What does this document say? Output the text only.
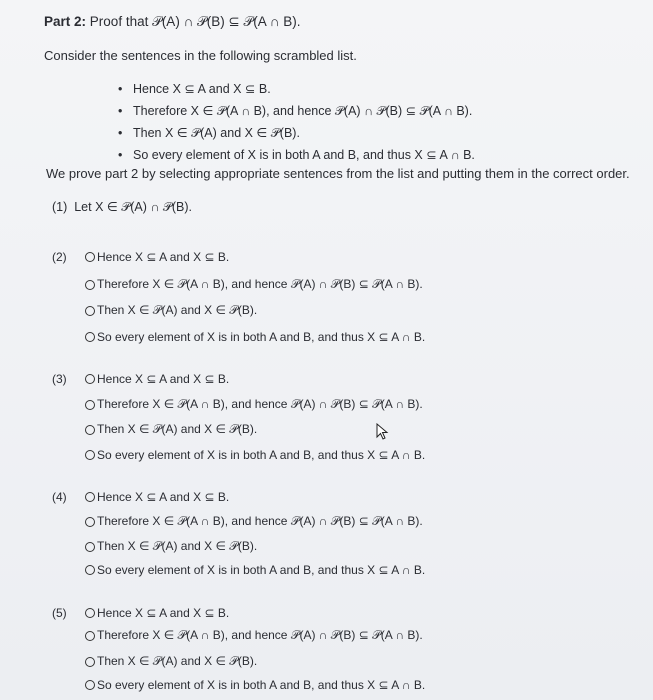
Part 2: Proof that 𝒫(A) ∩ 𝒫(B) ⊆ 𝒫(A ∩ B).
Consider the sentences in the following scrambled list.
• Hence X ⊆ A and X ⊆ B.
• Therefore X ∈ 𝒫(A ∩ B), and hence 𝒫(A) ∩ 𝒫(B) ⊆ 𝒫(A ∩ B).
• Then X ∈ 𝒫(A) and X ∈ 𝒫(B).
• So every element of X is in both A and B, and thus X ⊆ A ∩ B.
We prove part 2 by selecting appropriate sentences from the list and putting them in the correct order.
(1) Let X ∈ 𝒫(A) ∩ 𝒫(B).
(2)	Hence X ⊆ A and X ⊆ B.
Therefore X ∈ 𝒫(A ∩ B), and hence 𝒫(A) ∩ 𝒫(B) ⊆ 𝒫(A ∩ B).
Then X ∈ 𝒫(A) and X ∈ 𝒫(B).
So every element of X is in both A and B, and thus X ⊆ A ∩ B.
(3)	Hence X ⊆ A and X ⊆ B.
Therefore X ∈ 𝒫(A ∩ B), and hence 𝒫(A) ∩ 𝒫(B) ⊆ 𝒫(A ∩ B).
Then X ∈ 𝒫(A) and X ∈ 𝒫(B).
So every element of X is in both A and B, and thus X ⊆ A ∩ B.
(4)	Hence X ⊆ A and X ⊆ B.
Therefore X ∈ 𝒫(A ∩ B), and hence 𝒫(A) ∩ 𝒫(B) ⊆ 𝒫(A ∩ B).
Then X ∈ 𝒫(A) and X ∈ 𝒫(B).
So every element of X is in both A and B, and thus X ⊆ A ∩ B.
(5)	Hence X ⊆ A and X ⊆ B.
Therefore X ∈ 𝒫(A ∩ B), and hence 𝒫(A) ∩ 𝒫(B) ⊆ 𝒫(A ∩ B).
Then X ∈ 𝒫(A) and X ∈ 𝒫(B).
So every element of X is in both A and B, and thus X ⊆ A ∩ B.
